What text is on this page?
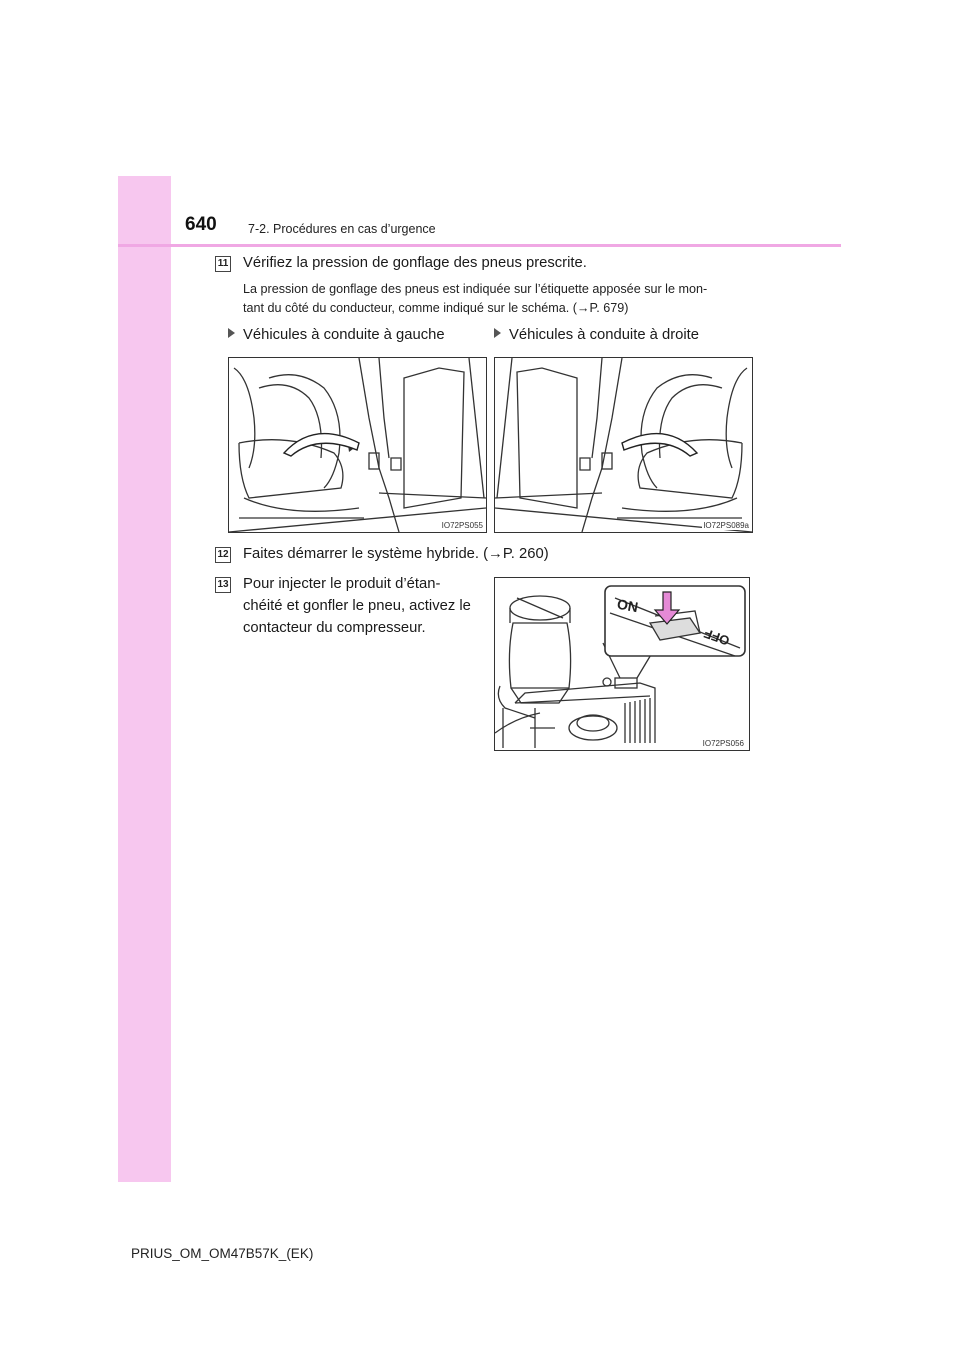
640	7-2. Procédures en cas d’urgence
11 Vérifiez la pression de gonflage des pneus prescrite.
La pression de gonflage des pneus est indiquée sur l’étiquette apposée sur le mon-
tant du côté du conducteur, comme indiqué sur le schéma. (→P. 679)
Véhicules à conduite à gauche	Véhicules à conduite à droite
IO72PS055	IO72PS089a
12 Faites démarrer le système hybride. (→P. 260)
13 Pour injecter le produit d’étan-
chéité et gonfler le pneu, activez le
contacteur du compresseur.
ON
OFF
IO72PS056
PRIUS_OM_OM47B57K_(EK)
